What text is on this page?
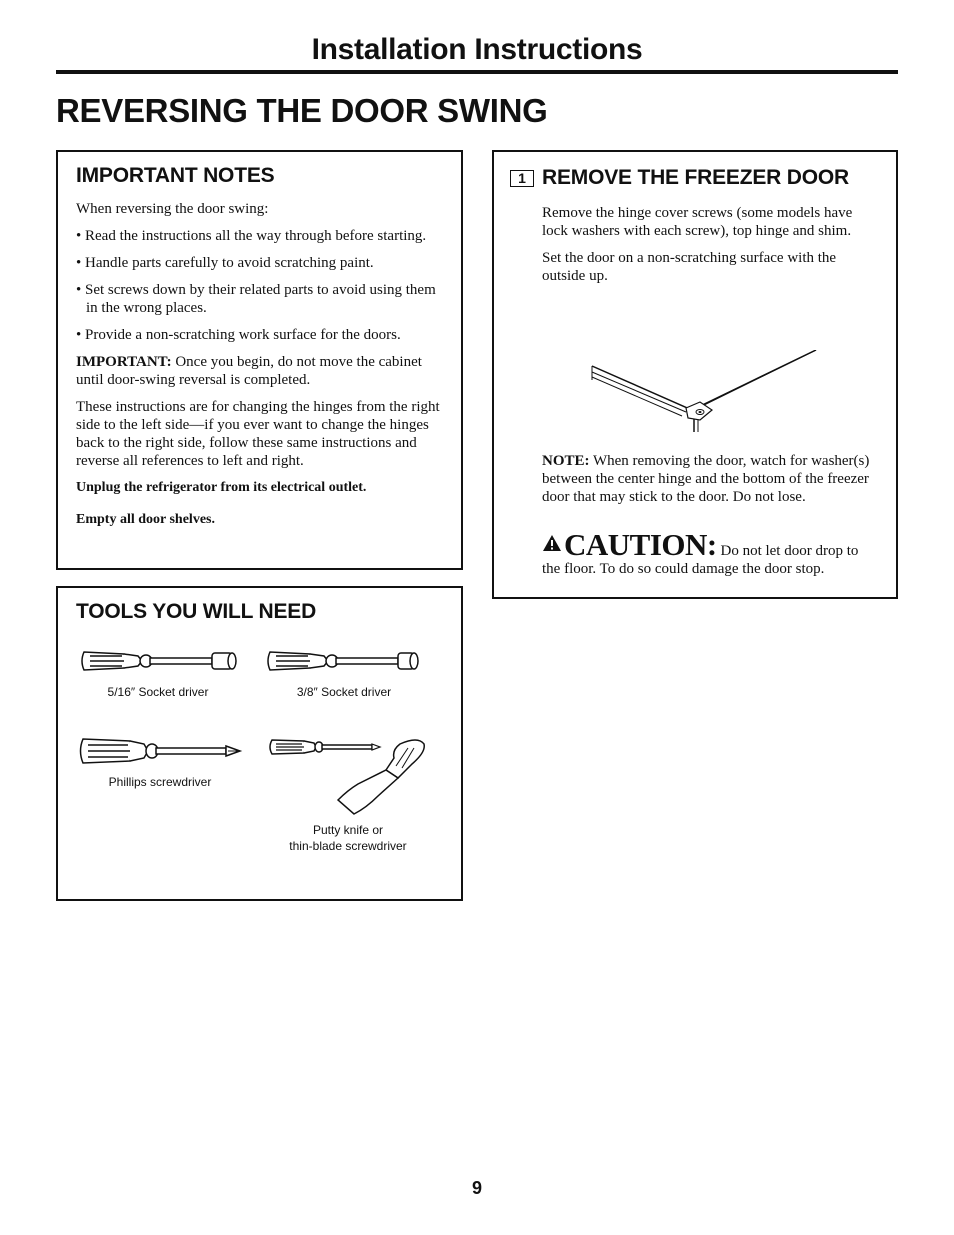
Installation Instructions
REVERSING THE DOOR SWING
IMPORTANT NOTES

When reversing the door swing:

• Read the instructions all the way through before starting.

• Handle parts carefully to avoid scratching paint.

• Set screws down by their related parts to avoid using them in the wrong places.

• Provide a non-scratching work surface for the doors.

IMPORTANT: Once you begin, do not move the cabinet until door-swing reversal is completed.

These instructions are for changing the hinges from the right side to the left side—if you ever want to change the hinges back to the right side, follow these same instructions and reverse all references to left and right.

Unplug the refrigerator from its electrical outlet.

Empty all door shelves.

TOOLS YOU WILL NEED
5/16″ Socket driver	3/8″ Socket driver
Phillips screwdriver
Putty knife or
thin-blade screwdriver
1 REMOVE THE FREEZER DOOR

Remove the hinge cover screws (some models have lock washers with each screw), top hinge and shim.

Set the door on a non-scratching surface with the outside up.

NOTE: When removing the door, watch for washer(s) between the center hinge and the bottom of the freezer door that may stick to the door. Do not lose.

CAUTION: Do not let door drop to the floor. To do so could damage the door stop.

9
